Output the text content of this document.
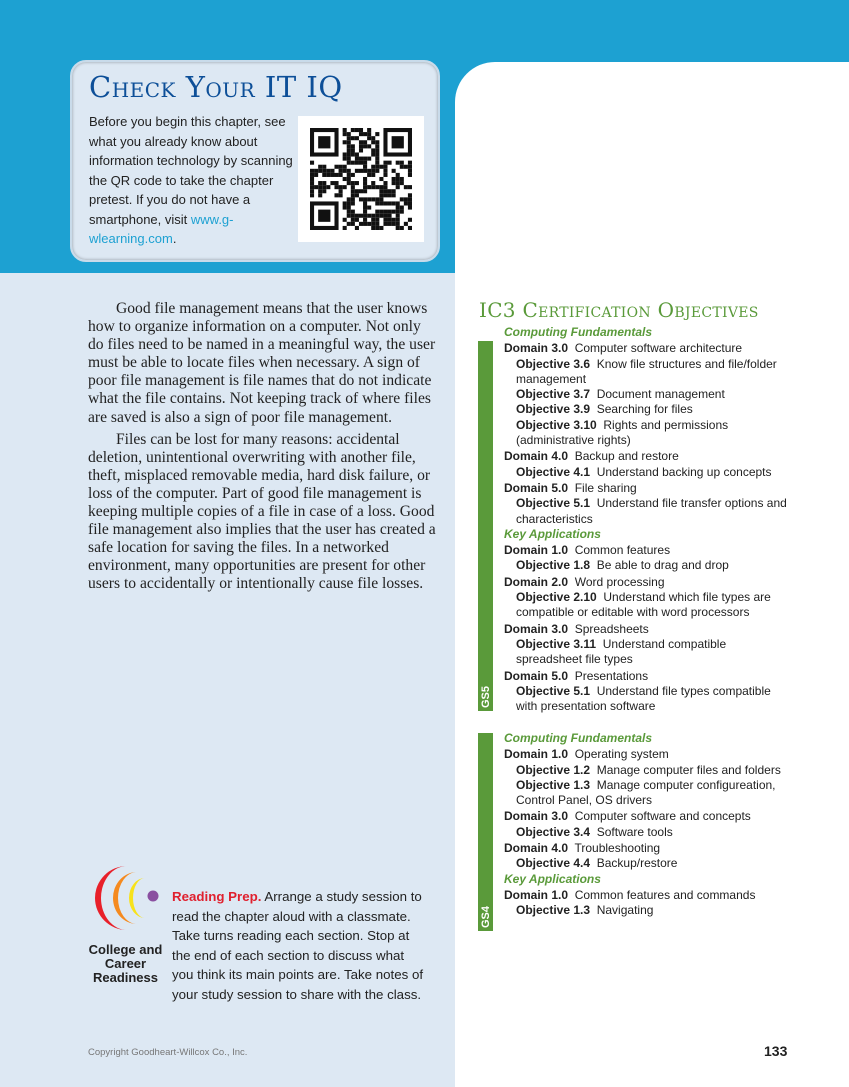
Check Your IT IQ
Before you begin this chapter, see what you already know about information technology by scanning the QR code to take the chapter pretest. If you do not have a smartphone, visit www.g-wlearning.com.

Good file management means that the user knows how to organize information on a computer. Not only do files need to be named in a meaningful way, the user must be able to locate files when necessary. A sign of poor file management is file names that do not indicate what the file contains. Not keeping track of where files are saved is also a sign of poor file management.

Files can be lost for many reasons: accidental deletion, unintentional overwriting with another file, theft, misplaced removable media, hard disk failure, or loss of the computer. Part of good file management is keeping multiple copies of a file in case of a loss. Good file management also implies that the user has created a safe location for saving the files. In a networked environment, many opportunities are present for other users to accidentally or intentionally cause file losses.

IC3 Certification Objectives
GS5
Computing Fundamentals
Domain 3.0 Computer software architecture
Objective 3.6 Know file structures and file/folder management
Objective 3.7 Document management
Objective 3.9 Searching for files
Objective 3.10 Rights and permissions (administrative rights)
Domain 4.0 Backup and restore
Objective 4.1 Understand backing up concepts
Domain 5.0 File sharing
Objective 5.1 Understand file transfer options and characteristics
Key Applications
Domain 1.0 Common features
Objective 1.8 Be able to drag and drop
Domain 2.0 Word processing
Objective 2.10 Understand which file types are compatible or editable with word processors
Domain 3.0 Spreadsheets
Objective 3.11 Understand compatible spreadsheet file types
Domain 5.0 Presentations
Objective 5.1 Understand file types compatible with presentation software
GS4
Computing Fundamentals
Domain 1.0 Operating system
Objective 1.2 Manage computer files and folders
Objective 1.3 Manage computer configureation, Control Panel, OS drivers
Domain 3.0 Computer software and concepts
Objective 3.4 Software tools
Domain 4.0 Troubleshooting
Objective 4.4 Backup/restore
Key Applications
Domain 1.0 Common features and commands
Objective 1.3 Navigating
College and Career Readiness
Reading Prep. Arrange a study session to read the chapter aloud with a classmate. Take turns reading each section. Stop at the end of each section to discuss what you think its main points are. Take notes of your study session to share with the class.
Copyright Goodheart-Willcox Co., Inc.	133
